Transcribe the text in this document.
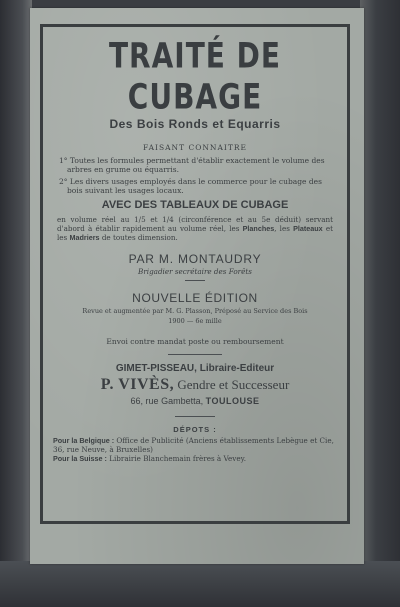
TRAITÉ DE CUBAGE
Des Bois Ronds et Equarris
FAISANT CONNAITRE
1° Toutes les formules permettant d'établir exactement le volume des arbres en grume ou équarris.
2° Les divers usages employés dans le commerce pour le cubage des bois suivant les usages locaux.
AVEC DES TABLEAUX DE CUBAGE
en volume réel au 1/5 et 1/4 (circonférence et au 5e déduit) servant d'abord à établir rapidement au volume réel, les Planches, les Plateaux et les Madriers de toutes dimension.
PAR M. MONTAUDRY
Brigadier secrétaire des Forêts
NOUVELLE ÉDITION
Revue et augmentée par M. G. Plasson, Préposé au Service des Bois
1900 — 6e mille
Envoi contre mandat poste ou remboursement
GIMET-PISSEAU, Libraire-Editeur
P. VIVÈS, Gendre et Successeur
66, rue Gambetta, TOULOUSE
DÉPOTS :
Pour la Belgique : Office de Publicité (Anciens établissements Lebègue et Cie, 36, rue Neuve, à Bruxelles)
Pour la Suisse : Librairie Blanchemain frères à Vevey.
